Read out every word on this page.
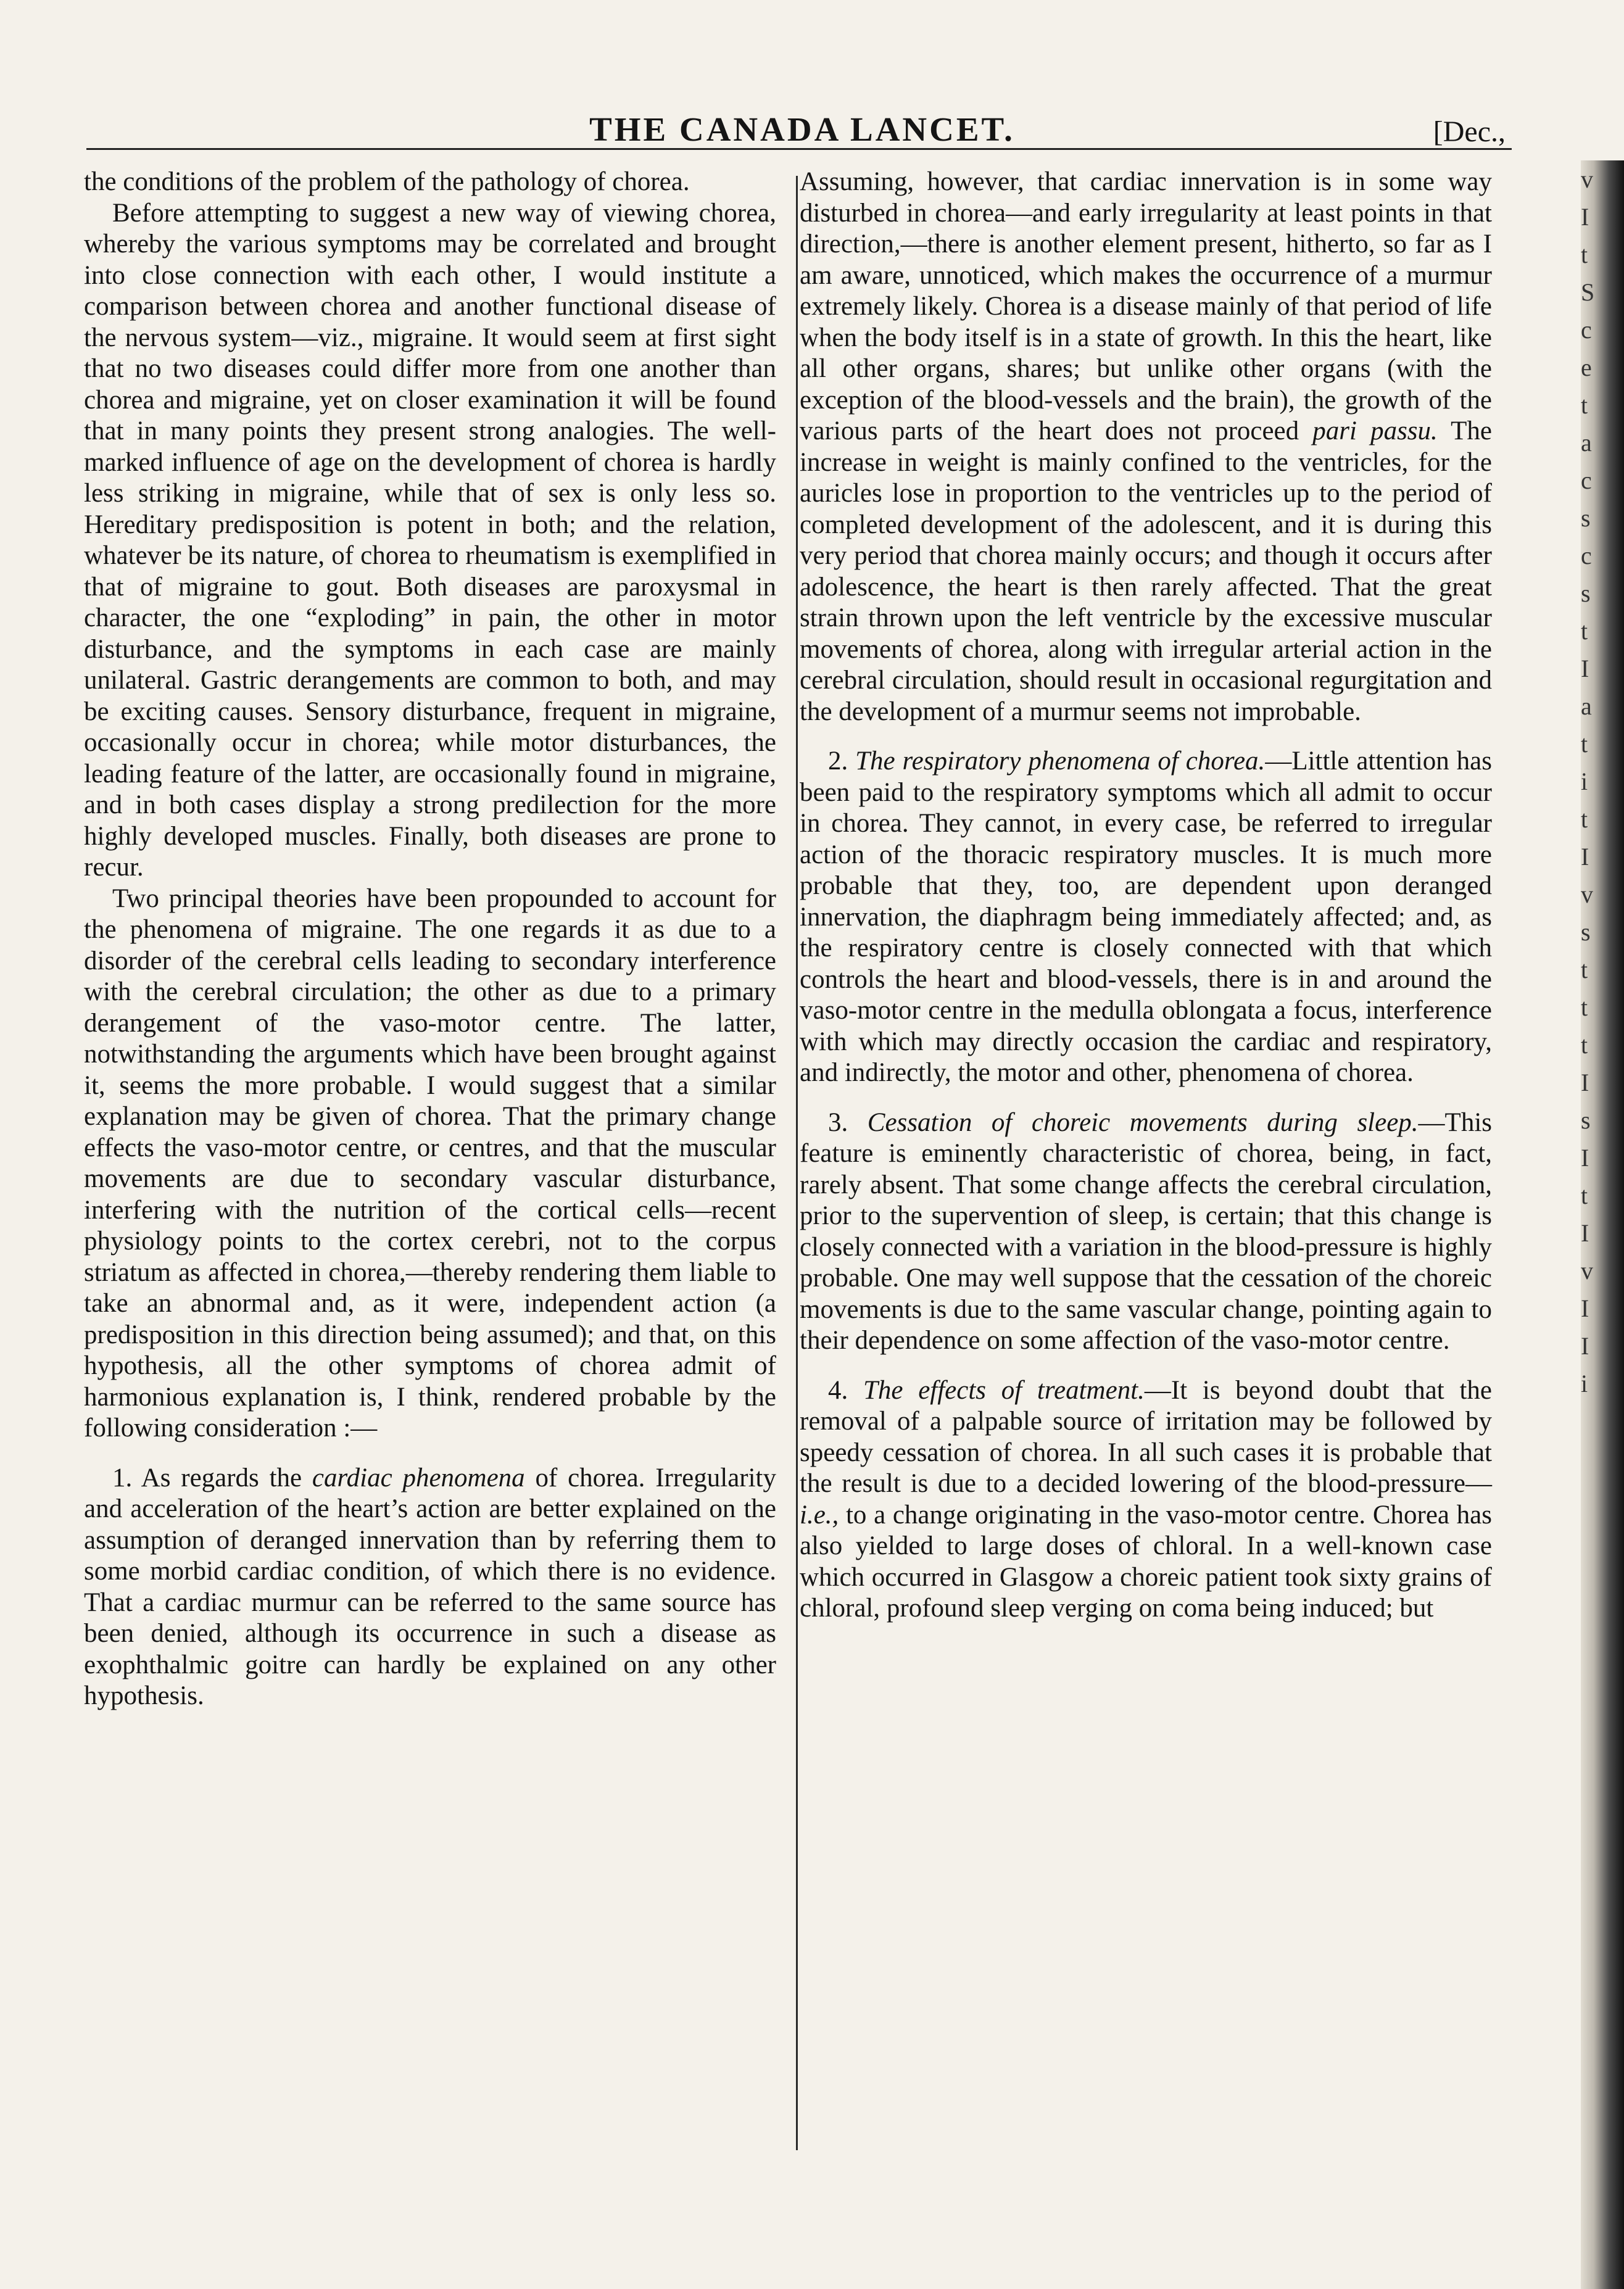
THE CANADA LANCET.	[Dec.,

the conditions of the problem of the pathology of chorea.

Before attempting to suggest a new way of viewing chorea, whereby the various symptoms may be correlated and brought into close connection with each other, I would institute a comparison between chorea and another functional disease of the nervous system—viz., migraine. It would seem at first sight that no two diseases could differ more from one another than chorea and migraine, yet on closer examination it will be found that in many points they present strong analogies. The well-marked influence of age on the development of chorea is hardly less striking in migraine, while that of sex is only less so. Hereditary predisposition is potent in both; and the relation, whatever be its nature, of chorea to rheumatism is exemplified in that of migraine to gout. Both diseases are paroxysmal in character, the one “exploding” in pain, the other in motor disturbance, and the symptoms in each case are mainly unilateral. Gastric derangements are common to both, and may be exciting causes. Sensory disturbance, frequent in migraine, occasionally occur in chorea; while motor disturbances, the leading feature of the latter, are occasionally found in migraine, and in both cases display a strong predilection for the more highly developed muscles. Finally, both diseases are prone to recur.

Two principal theories have been propounded to account for the phenomena of migraine. The one regards it as due to a disorder of the cerebral cells leading to secondary interference with the cerebral circulation; the other as due to a primary derangement of the vaso-motor centre. The latter, notwithstanding the arguments which have been brought against it, seems the more probable. I would suggest that a similar explanation may be given of chorea. That the primary change effects the vaso-motor centre, or centres, and that the muscular movements are due to secondary vascular disturbance, interfering with the nutrition of the cortical cells—recent physiology points to the cortex cerebri, not to the corpus striatum as affected in chorea,—thereby rendering them liable to take an abnormal and, as it were, independent action (a predisposition in this direction being assumed); and that, on this hypothesis, all the other symptoms of chorea admit of harmonious explanation is, I think, rendered probable by the following consideration :—

1. As regards the cardiac phenomena of chorea. Irregularity and acceleration of the heart’s action are better explained on the assumption of deranged innervation than by referring them to some morbid cardiac condition, of which there is no evidence. That a cardiac murmur can be referred to the same source has been denied, although its occurrence in such a disease as exophthalmic goitre can hardly be explained on any other hypothesis.

Assuming, however, that cardiac innervation is in some way disturbed in chorea—and early irregularity at least points in that direction,—there is another element present, hitherto, so far as I am aware, unnoticed, which makes the occurrence of a murmur extremely likely. Chorea is a disease mainly of that period of life when the body itself is in a state of growth. In this the heart, like all other organs, shares; but unlike other organs (with the exception of the blood-vessels and the brain), the growth of the various parts of the heart does not proceed pari passu. The increase in weight is mainly confined to the ventricles, for the auricles lose in proportion to the ventricles up to the period of completed development of the adolescent, and it is during this very period that chorea mainly occurs; and though it occurs after adolescence, the heart is then rarely affected. That the great strain thrown upon the left ventricle by the excessive muscular movements of chorea, along with irregular arterial action in the cerebral circulation, should result in occasional regurgitation and the development of a murmur seems not improbable.

2. The respiratory phenomena of chorea.—Little attention has been paid to the respiratory symptoms which all admit to occur in chorea. They cannot, in every case, be referred to irregular action of the thoracic respiratory muscles. It is much more probable that they, too, are dependent upon deranged innervation, the diaphragm being immediately affected; and, as the respiratory centre is closely connected with that which controls the heart and blood-vessels, there is in and around the vaso-motor centre in the medulla oblongata a focus, interference with which may directly occasion the cardiac and respiratory, and indirectly, the motor and other, phenomena of chorea.

3. Cessation of choreic movements during sleep.—This feature is eminently characteristic of chorea, being, in fact, rarely absent. That some change affects the cerebral circulation, prior to the supervention of sleep, is certain; that this change is closely connected with a variation in the blood-pressure is highly probable. One may well suppose that the cessation of the choreic movements is due to the same vascular change, pointing again to their dependence on some affection of the vaso-motor centre.

4. The effects of treatment.—It is beyond doubt that the removal of a palpable source of irritation may be followed by speedy cessation of chorea. In all such cases it is probable that the result is due to a decided lowering of the blood-pressure—i.e., to a change originating in the vaso-motor centre. Chorea has also yielded to large doses of chloral. In a well-known case which occurred in Glasgow a choreic patient took sixty grains of chloral, profound sleep verging on coma being induced; but

v
I
t
S
c
e
t
a
c
s
c
s
t
I
a
t
i
t
I
v
s
t
t
t
I
s
I
t
I
v
I
I
i
